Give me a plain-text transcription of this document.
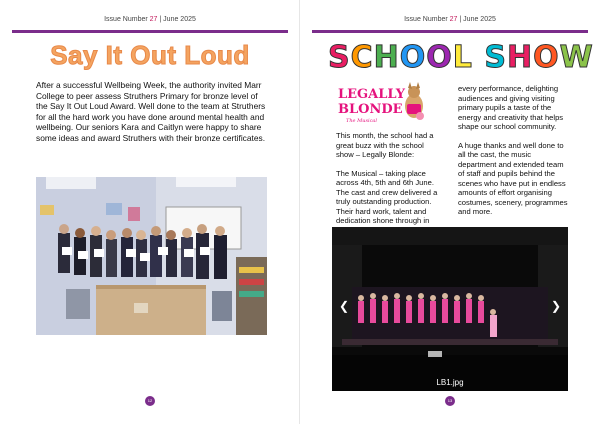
Issue Number 27 | June 2025
Say It Out Loud
After a successful Wellbeing Week, the authority invited Marr College to peer assess Struthers Primary for bronze level of the Say It Out Loud Award. Well done to the team at Struthers for all the hard work you have done around mental health and wellbeing. Our seniors Kara and Caitlyn were happy to share some ideas and award Struthers with their bronze certificates.
12
Issue Number 27 | June 2025
SCHOOL SHOW
LEGALLY
BLONDE
The Musical

This month, the school had a great buzz with the school show – Legally Blonde:

The Musical – taking place across 4th, 5th and 6th June. The cast and crew delivered a truly outstanding production. Their hard work, talent and dedication shone through in

every performance, delighting audiences and giving visiting primary pupils a taste of the energy and creativity that helps shape our school community.

A huge thanks and well done to all the cast, the music department and extended team of staff and pupils behind the scenes who have put in endless amounts of effort organising costumes, scenery, programmes and more.

❮	❯
LB1.jpg
13
